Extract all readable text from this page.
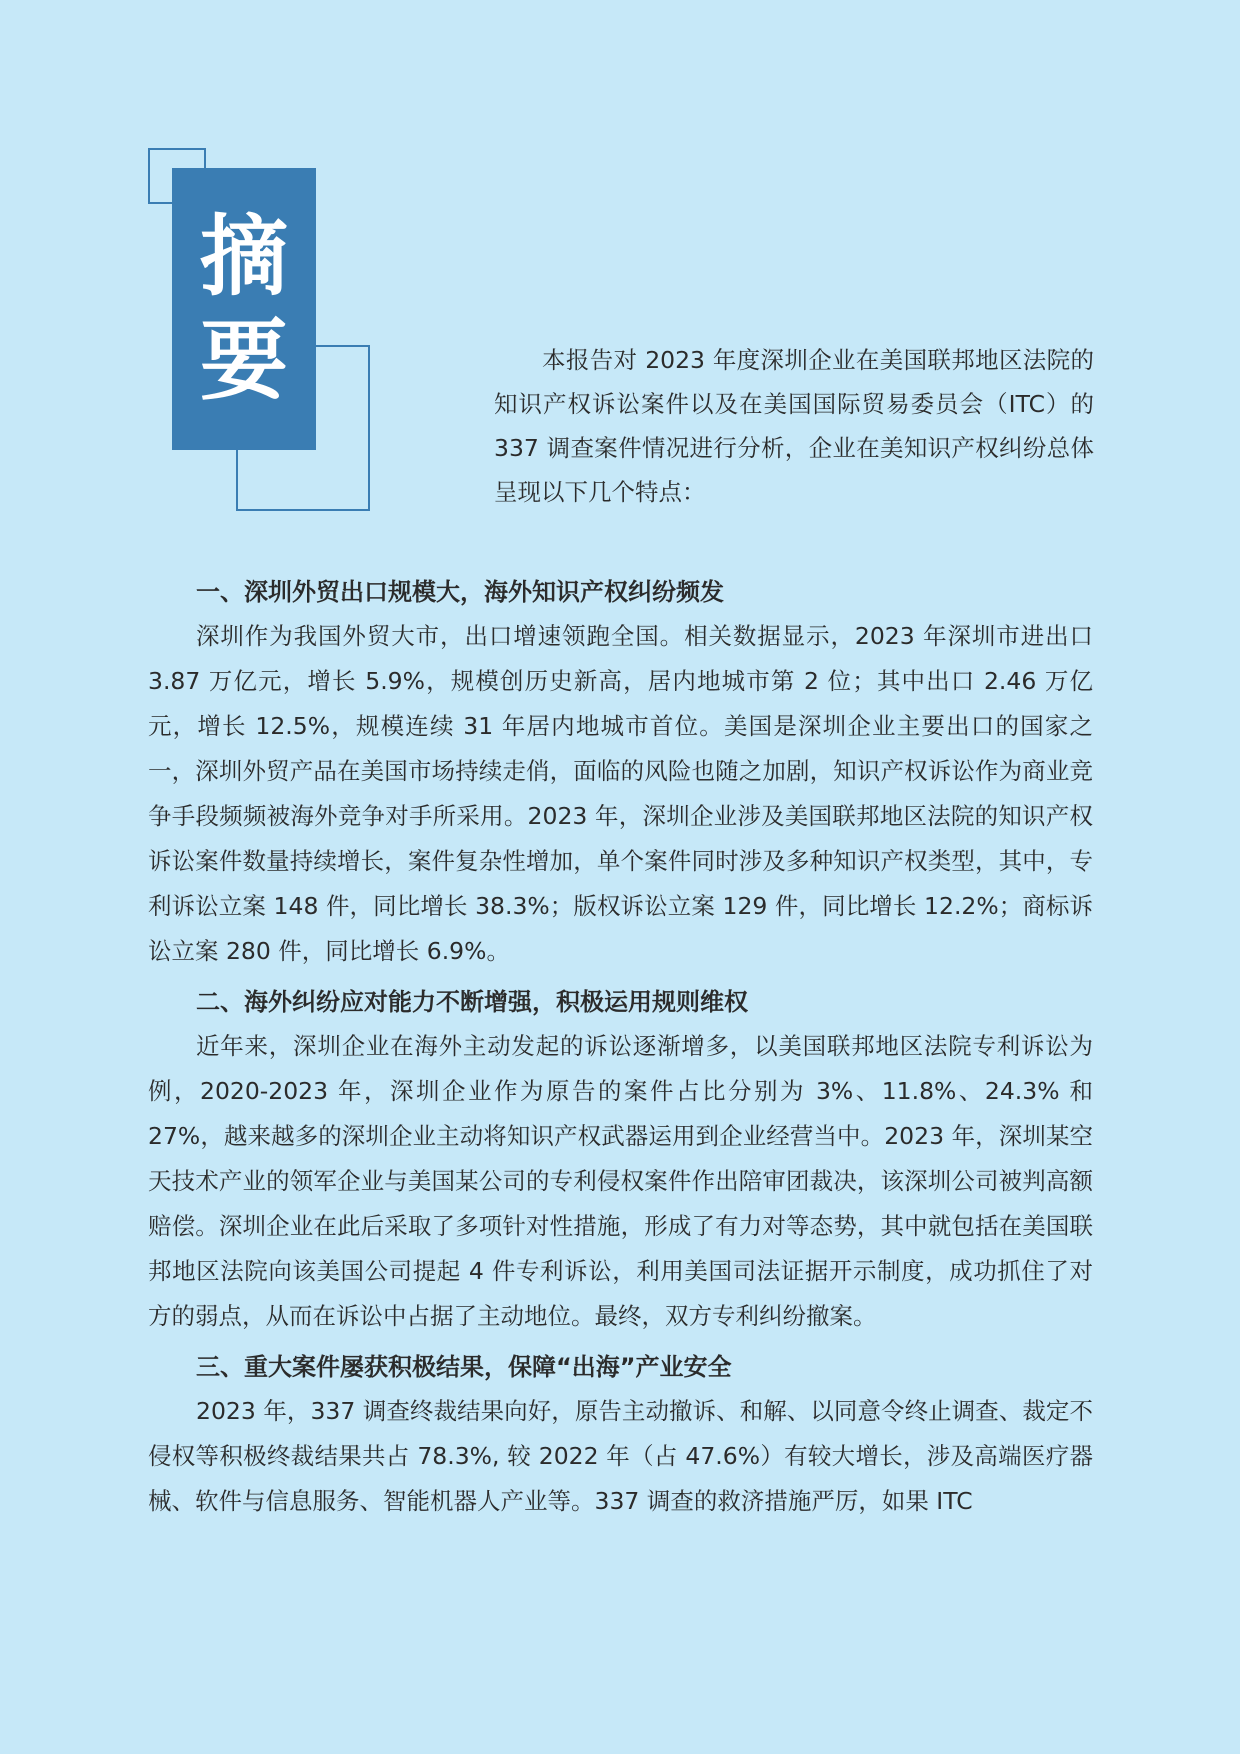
摘
要	本报告对 2023 年度深圳企业在美国联邦地区法院的知识产权诉讼案件以及在美国国际贸易委员会（ITC）的 337 调查案件情况进行分析，企业在美知识产权纠纷总体呈现以下几个特点：

一、深圳外贸出口规模大，海外知识产权纠纷频发

深圳作为我国外贸大市，出口增速领跑全国。相关数据显示，2023 年深圳市进出口 3.87 万亿元，增长 5.9%，规模创历史新高，居内地城市第 2 位；其中出口 2.46 万亿元，增长 12.5%，规模连续 31 年居内地城市首位。美国是深圳企业主要出口的国家之一，深圳外贸产品在美国市场持续走俏，面临的风险也随之加剧，知识产权诉讼作为商业竞争手段频频被海外竞争对手所采用。2023 年，深圳企业涉及美国联邦地区法院的知识产权诉讼案件数量持续增长，案件复杂性增加，单个案件同时涉及多种知识产权类型，其中，专利诉讼立案 148 件，同比增长 38.3%；版权诉讼立案 129 件，同比增长 12.2%；商标诉讼立案 280 件，同比增长 6.9%。

二、海外纠纷应对能力不断增强，积极运用规则维权

近年来，深圳企业在海外主动发起的诉讼逐渐增多，以美国联邦地区法院专利诉讼为例，2020-2023 年，深圳企业作为原告的案件占比分别为 3%、11.8%、24.3% 和 27%，越来越多的深圳企业主动将知识产权武器运用到企业经营当中。2023 年，深圳某空天技术产业的领军企业与美国某公司的专利侵权案件作出陪审团裁决，该深圳公司被判高额赔偿。深圳企业在此后采取了多项针对性措施，形成了有力对等态势，其中就包括在美国联邦地区法院向该美国公司提起 4 件专利诉讼，利用美国司法证据开示制度，成功抓住了对方的弱点，从而在诉讼中占据了主动地位。最终，双方专利纠纷撤案。

三、重大案件屡获积极结果，保障“出海”产业安全

2023 年，337 调查终裁结果向好，原告主动撤诉、和解、以同意令终止调查、裁定不侵权等积极终裁结果共占 78.3%, 较 2022 年（占 47.6%）有较大增长，涉及高端医疗器械、软件与信息服务、智能机器人产业等。337 调查的救济措施严厉，如果 ITC
